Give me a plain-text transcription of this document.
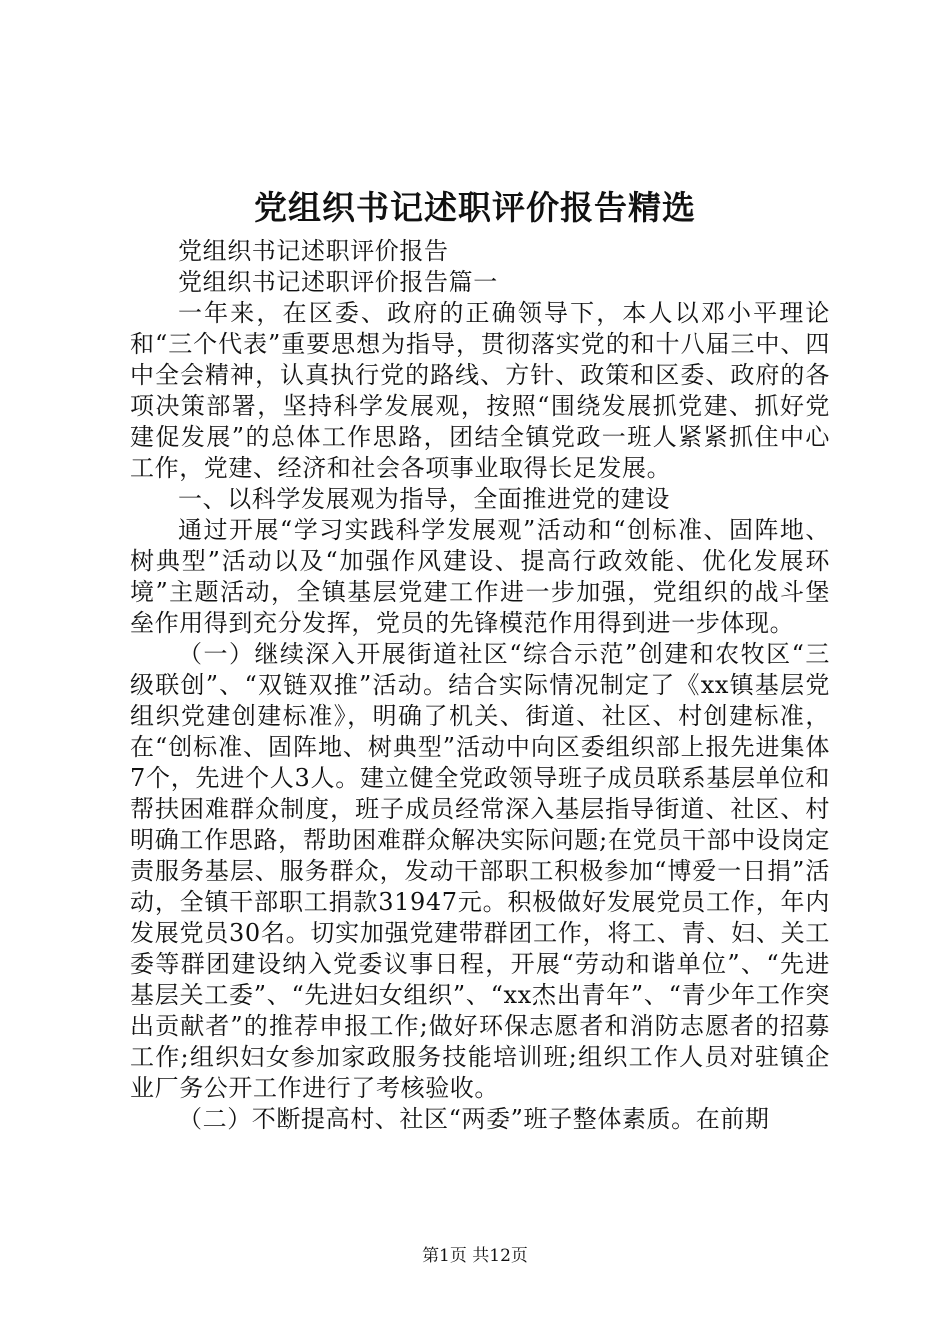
党组织书记述职评价报告精选

党组织书记述职评价报告

党组织书记述职评价报告篇一

一年来，在区委、政府的正确领导下，本人以邓小平理论和“三个代表”重要思想为指导，贯彻落实党的和十八届三中、四中全会精神，认真执行党的路线、方针、政策和区委、政府的各项决策部署，坚持科学发展观，按照“围绕发展抓党建、抓好党建促发展”的总体工作思路，团结全镇党政一班人紧紧抓住中心工作，党建、经济和社会各项事业取得长足发展。

一、以科学发展观为指导，全面推进党的建设

通过开展“学习实践科学发展观”活动和“创标准、固阵地、树典型”活动以及“加强作风建设、提高行政效能、优化发展环境”主题活动，全镇基层党建工作进一步加强，党组织的战斗堡垒作用得到充分发挥，党员的先锋模范作用得到进一步体现。

（一）继续深入开展街道社区“综合示范”创建和农牧区“三级联创”、“双链双推”活动。结合实际情况制定了《xx镇基层党组织党建创建标准》，明确了机关、街道、社区、村创建标准，在“创标准、固阵地、树典型”活动中向区委组织部上报先进集体7个，先进个人3人。建立健全党政领导班子成员联系基层单位和帮扶困难群众制度，班子成员经常深入基层指导街道、社区、村明确工作思路，帮助困难群众解决实际问题;在党员干部中设岗定责服务基层、服务群众，发动干部职工积极参加“博爱一日捐”活动，全镇干部职工捐款31947元。积极做好发展党员工作，年内发展党员30名。切实加强党建带群团工作，将工、青、妇、关工委等群团建设纳入党委议事日程，开展“劳动和谐单位”、“先进基层关工委”、“先进妇女组织”、“xx杰出青年”、“青少年工作突出贡献者”的推荐申报工作;做好环保志愿者和消防志愿者的招募工作;组织妇女参加家政服务技能培训班;组织工作人员对驻镇企业厂务公开工作进行了考核验收。

（二）不断提高村、社区“两委”班子整体素质。在前期

第1页 共12页
